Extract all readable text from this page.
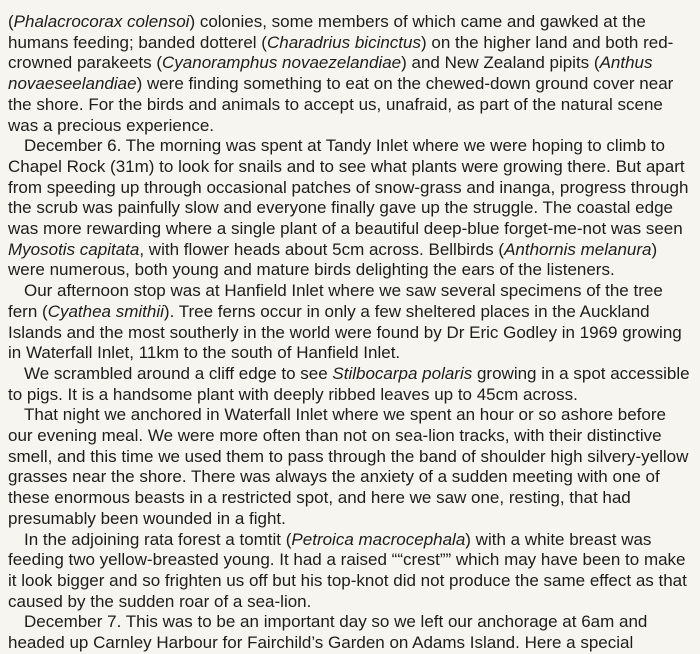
(Phalacrocorax colensoi) colonies, some members of which came and gawked at the humans feeding; banded dotterel (Charadrius bicinctus) on the higher land and both red-crowned parakeets (Cyanoramphus novaezelandiae) and New Zealand pipits (Anthus novaeseelandiae) were finding something to eat on the chewed-down ground cover near the shore. For the birds and animals to accept us, unafraid, as part of the natural scene was a precious experience.

December 6. The morning was spent at Tandy Inlet where we were hoping to climb to Chapel Rock (31m) to look for snails and to see what plants were growing there. But apart from speeding up through occasional patches of snow-grass and inanga, progress through the scrub was painfully slow and everyone finally gave up the struggle. The coastal edge was more rewarding where a single plant of a beautiful deep-blue forget-me-not was seen Myosotis capitata, with flower heads about 5cm across. Bellbirds (Anthornis melanura) were numerous, both young and mature birds delighting the ears of the listeners.

Our afternoon stop was at Hanfield Inlet where we saw several specimens of the tree fern (Cyathea smithii). Tree ferns occur in only a few sheltered places in the Auckland Islands and the most southerly in the world were found by Dr Eric Godley in 1969 growing in Waterfall Inlet, 11km to the south of Hanfield Inlet.

We scrambled around a cliff edge to see Stilbocarpa polaris growing in a spot accessible to pigs. It is a handsome plant with deeply ribbed leaves up to 45cm across.

That night we anchored in Waterfall Inlet where we spent an hour or so ashore before our evening meal. We were more often than not on sea-lion tracks, with their distinctive smell, and this time we used them to pass through the band of shoulder high silvery-yellow grasses near the shore. There was always the anxiety of a sudden meeting with one of these enormous beasts in a restricted spot, and here we saw one, resting, that had presumably been wounded in a fight.

In the adjoining rata forest a tomtit (Petroica macrocephala) with a white breast was feeding two yellow-breasted young. It had a raised ““crest”” which may have been to make it look bigger and so frighten us off but his top-knot did not produce the same effect as that caused by the sudden roar of a sea-lion.

December 7. This was to be an important day so we left our anchorage at 6am and headed up Carnley Harbour for Fairchild’s Garden on Adams Island. Here a special
